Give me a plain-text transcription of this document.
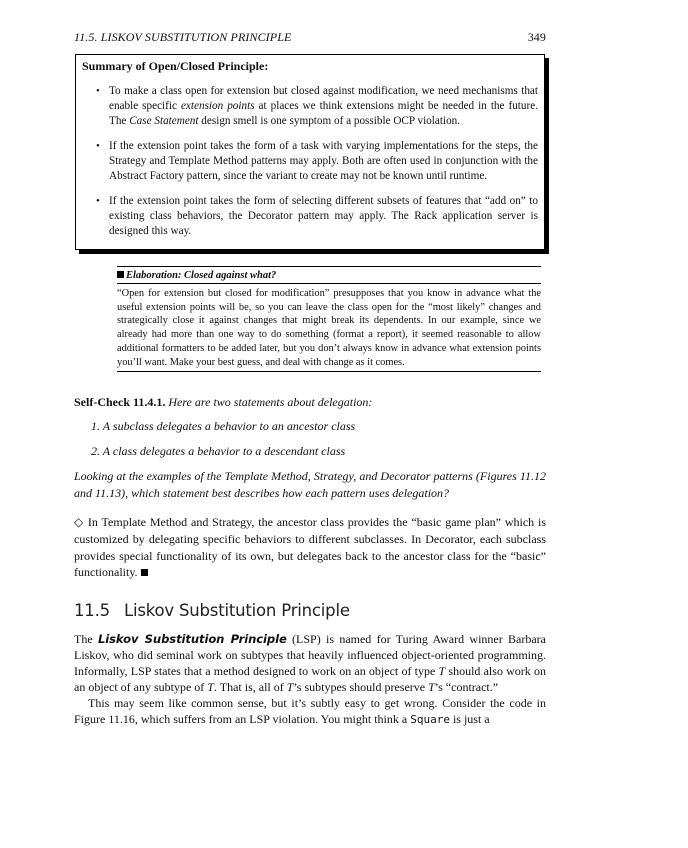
11.5. LISKOV SUBSTITUTION PRINCIPLE	349
Summary of Open/Closed Principle:
• To make a class open for extension but closed against modification, we need mechanisms that enable specific extension points at places we think extensions might be needed in the future. The Case Statement design smell is one symptom of a possible OCP violation.
• If the extension point takes the form of a task with varying implementations for the steps, the Strategy and Template Method patterns may apply. Both are often used in conjunction with the Abstract Factory pattern, since the variant to create may not be known until runtime.
• If the extension point takes the form of selecting different subsets of features that “add on” to existing class behaviors, the Decorator pattern may apply. The Rack application server is designed this way.
Elaboration: Closed against what?
“Open for extension but closed for modification” presupposes that you know in advance what the useful extension points will be, so you can leave the class open for the “most likely” changes and strategically close it against changes that might break its dependents. In our example, since we already had more than one way to do something (format a report), it seemed reasonable to allow additional formatters to be added later, but you don’t always know in advance what extension points you’ll want. Make your best guess, and deal with change as it comes.
Self-Check 11.4.1. Here are two statements about delegation:
1. A subclass delegates a behavior to an ancestor class
2. A class delegates a behavior to a descendant class
Looking at the examples of the Template Method, Strategy, and Decorator patterns (Figures 11.12 and 11.13), which statement best describes how each pattern uses delegation?
◇ In Template Method and Strategy, the ancestor class provides the “basic game plan” which is customized by delegating specific behaviors to different subclasses. In Decorator, each subclass provides special functionality of its own, but delegates back to the ancestor class for the “basic” functionality.
11.5 Liskov Substitution Principle

The Liskov Substitution Principle (LSP) is named for Turing Award winner Barbara Liskov, who did seminal work on subtypes that heavily influenced object-oriented programming. Informally, LSP states that a method designed to work on an object of type T should also work on an object of any subtype of T. That is, all of T’s subtypes should preserve T’s “contract.”

This may seem like common sense, but it’s subtly easy to get wrong. Consider the code in Figure 11.16, which suffers from an LSP violation. You might think a Square is just a
